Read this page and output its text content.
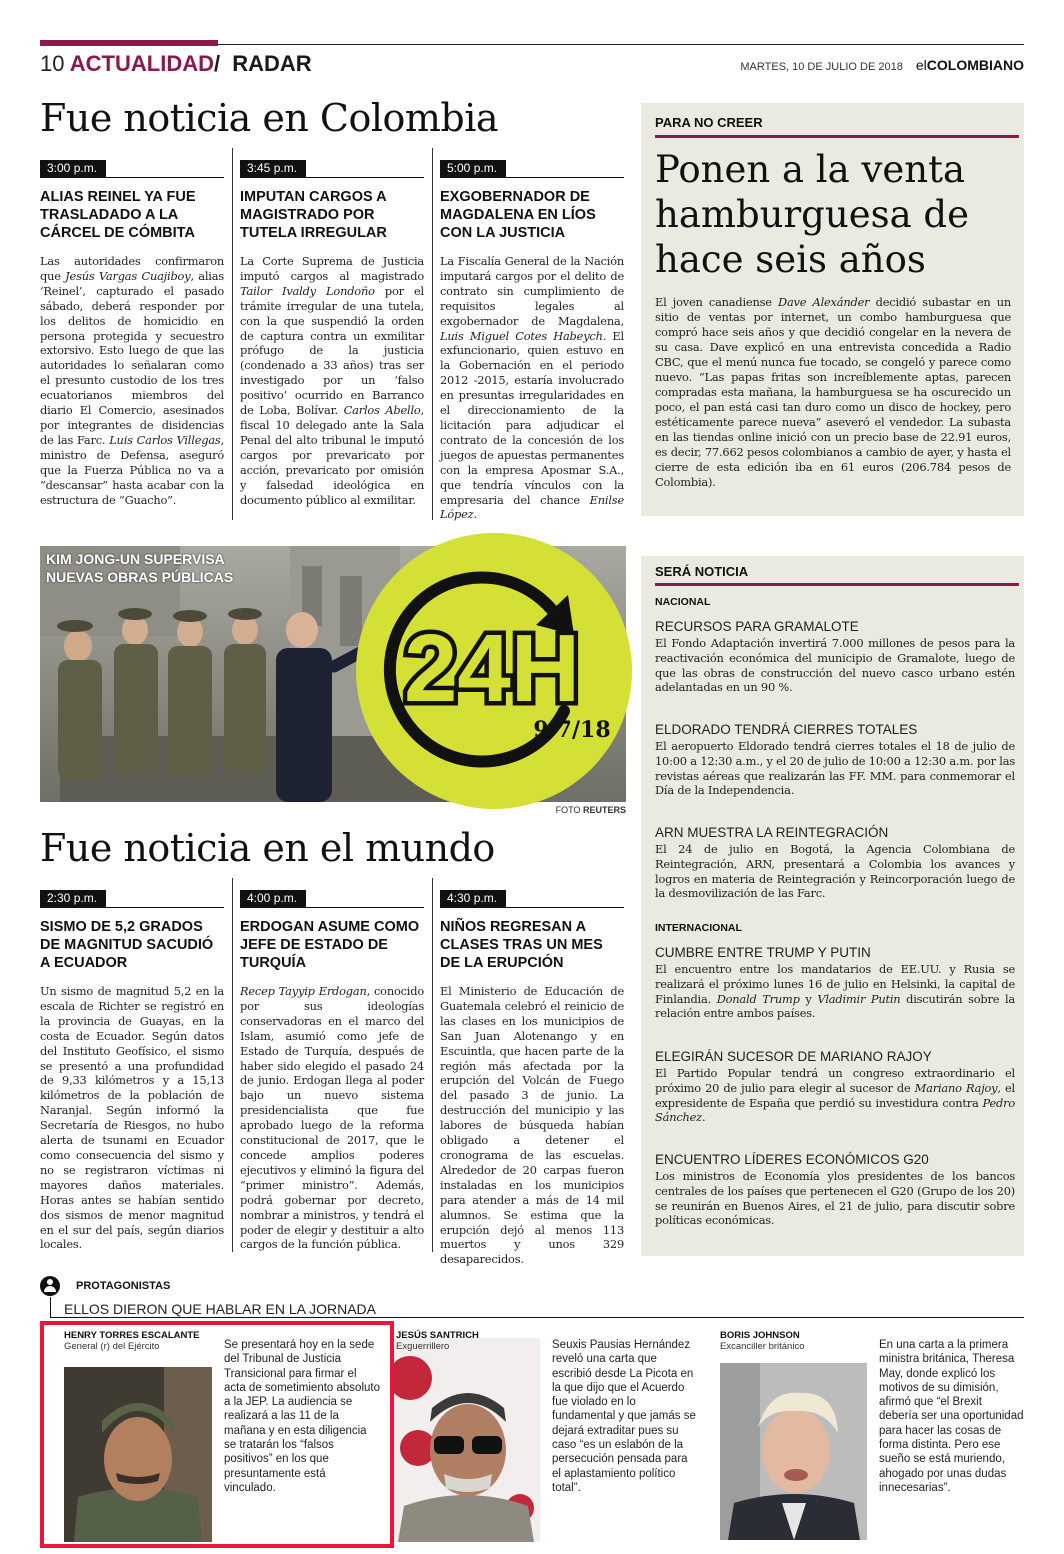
10 ACTUALIDAD/ RADAR	MARTES, 10 DE JULIO DE 2018 elCOLOMBIANO
Fue noticia en Colombia
3:00 p.m.
ALIAS REINEL YA FUE TRASLADADO A LA CÁRCEL DE CÓMBITA
Las autoridades confirmaron que Jesús Vargas Cuajiboy, alias ‘Reinel’, capturado el pasado sábado, deberá responder por los delitos de homicidio en persona protegida y secuestro extorsivo. Esto luego de que las autoridades lo señalaran como el presunto custodio de los tres ecuatorianos miembros del diario El Comercio, asesinados por integrantes de disidencias de las Farc. Luis Carlos Villegas, ministro de Defensa, aseguró que la Fuerza Pública no va a “descansar” hasta acabar con la estructura de “Guacho”.
3:45 p.m.
IMPUTAN CARGOS A MAGISTRADO POR TUTELA IRREGULAR
La Corte Suprema de Justicia imputó cargos al magistrado Tailor Ivaldy Londoño por el trámite irregular de una tutela, con la que suspendió la orden de captura contra un exmilitar prófugo de la justicia (condenado a 33 años) tras ser investigado por un ‘falso positivo’ ocurrido en Barranco de Loba, Bolívar. Carlos Abello, fiscal 10 delegado ante la Sala Penal del alto tribunal le imputó cargos por prevaricato por acción, prevaricato por omisión y falsedad ideológica en documento público al exmilitar.
5:00 p.m.
EXGOBERNADOR DE MAGDALENA EN LÍOS CON LA JUSTICIA
La Fiscalía General de la Nación imputará cargos por el delito de contrato sin cumplimiento de requisitos legales al exgobernador de Magdalena, Luis Miguel Cotes Habeych. El exfuncionario, quien estuvo en la Gobernación en el periodo 2012 -2015, estaría involucrado en presuntas irregularidades en el direccionamiento de la licitación para adjudicar el contrato de la concesión de los juegos de apuestas permanentes con la empresa Aposmar S.A., que tendría vínculos con la empresaria del chance Enilse López.
PARA NO CREER
Ponen a la venta hamburguesa de hace seis años
El joven canadiense Dave Alexánder decidió subastar en un sitio de ventas por internet, un combo hamburguesa que compró hace seis años y que decidió congelar en la nevera de su casa. Dave explicó en una entrevista concedida a Radio CBC, que el menú nunca fue tocado, se congeló y parece como nuevo. “Las papas fritas son increíblemente aptas, parecen compradas esta mañana, la hamburguesa se ha oscurecido un poco, el pan está casi tan duro como un disco de hockey, pero estéticamente parece nueva” aseveró el vendedor. La subasta en las tiendas online inició con un precio base de 22.91 euros, es decir, 77.662 pesos colombianos a cambio de ayer, y hasta el cierre de esta edición iba en 61 euros (206.784 pesos de Colombia).
KIM JONG-UN SUPERVISA
NUEVAS OBRAS PÚBLICAS
FOTO REUTERS
24H
9/7/18
SERÁ NOTICIA
NACIONAL
RECURSOS PARA GRAMALOTE
El Fondo Adaptación invertirá 7.000 millones de pesos para la reactivación económica del municipio de Gramalote, luego de que las obras de construcción del nuevo casco urbano estén adelantadas en un 90 %.
ELDORADO TENDRÁ CIERRES TOTALES
El aeropuerto Eldorado tendrá cierres totales el 18 de julio de 10:00 a 12:30 a.m., y el 20 de julio de 10:00 a 12:30 a.m. por las revistas aéreas que realizarán las FF. MM. para conmemorar el Día de la Independencia.
ARN MUESTRA LA REINTEGRACIÓN
El 24 de julio en Bogotá, la Agencia Colombiana de Reintegración, ARN, presentará a Colombia los avances y logros en materia de Reintegración y Reincorporación luego de la desmovilización de las Farc.
INTERNACIONAL
CUMBRE ENTRE TRUMP Y PUTIN
El encuentro entre los mandatarios de EE.UU. y Rusia se realizará el próximo lunes 16 de julio en Helsinki, la capital de Finlandia. Donald Trump y Vladimir Putin discutirán sobre la relación entre ambos países.
ELEGIRÁN SUCESOR DE MARIANO RAJOY
El Partido Popular tendrá un congreso extraordinario el próximo 20 de julio para elegir al sucesor de Mariano Rajoy, el expresidente de España que perdió su investidura contra Pedro Sánchez.
ENCUENTRO LÍDERES ECONÓMICOS G20
Los ministros de Economía ylos presidentes de los bancos centrales de los países que pertenecen el G20 (Grupo de los 20) se reunirán en Buenos Aires, el 21 de julio, para discutir sobre políticas económicas.
Fue noticia en el mundo
2:30 p.m.
SISMO DE 5,2 GRADOS DE MAGNITUD SACUDIÓ A ECUADOR
Un sismo de magnitud 5,2 en la escala de Richter se registró en la provincia de Guayas, en la costa de Ecuador. Según datos del Instituto Geofísico, el sismo se presentó a una profundidad de 9,33 kilómetros y a 15,13 kilómetros de la población de Naranjal. Según informó la Secretaría de Riesgos, no hubo alerta de tsunami en Ecuador como consecuencia del sismo y no se registraron víctimas ni mayores daños materiales. Horas antes se habían sentido dos sismos de menor magnitud en el sur del país, según diarios locales.
4:00 p.m.
ERDOGAN ASUME COMO JEFE DE ESTADO DE TURQUÍA
Recep Tayyip Erdogan, conocido por sus ideologías conservadoras en el marco del Islam, asumió como jefe de Estado de Turquía, después de haber sido elegido el pasado 24 de junio. Erdogan llega al poder bajo un nuevo sistema presidencialista que fue aprobado luego de la reforma constitucional de 2017, que le concede amplios poderes ejecutivos y eliminó la figura del “primer ministro”. Además, podrá gobernar por decreto, nombrar a ministros, y tendrá el poder de elegir y destituir a alto cargos de la función pública.
4:30 p.m.
NIÑOS REGRESAN A CLASES TRAS UN MES DE LA ERUPCIÓN
El Ministerio de Educación de Guatemala celebró el reinicio de las clases en los municipios de San Juan Alotenango y en Escuintla, que hacen parte de la región más afectada por la erupción del Volcán de Fuego del pasado 3 de junio. La destrucción del municipio y las labores de búsqueda habían obligado a detener el cronograma de las escuelas. Alrededor de 20 carpas fueron instaladas en los municipios para atender a más de 14 mil alumnos. Se estima que la erupción dejó al menos 113 muertos y unos 329 desaparecidos.
PROTAGONISTAS
ELLOS DIERON QUE HABLAR EN LA JORNADA
HENRY TORRES ESCALANTE
General (r) del Ejército	Se presentará hoy en la sede del Tribunal de Justicia Transicional para firmar el acta de sometimiento absoluto a la JEP. La audiencia se realizará a las 11 de la mañana y en esta diligencia se tratarán los “falsos positivos” en los que presuntamente está vinculado.
JESÚS SANTRICH
Exguerrillero	Seuxis Pausias Hernández reveló una carta que escribió desde La Picota en la que dijo que el Acuerdo fue violado en lo fundamental y que jamás se dejará extraditar pues su caso “es un eslabón de la persecución pensada para el aplastamiento político total”.
BORIS JOHNSON
Excanciller británico	En una carta a la primera ministra británica, Theresa May, donde explicó los motivos de su dimisión, afirmó que “el Brexit debería ser una oportunidad para hacer las cosas de forma distinta. Pero ese sueño se está muriendo, ahogado por unas dudas innecesarias”.
